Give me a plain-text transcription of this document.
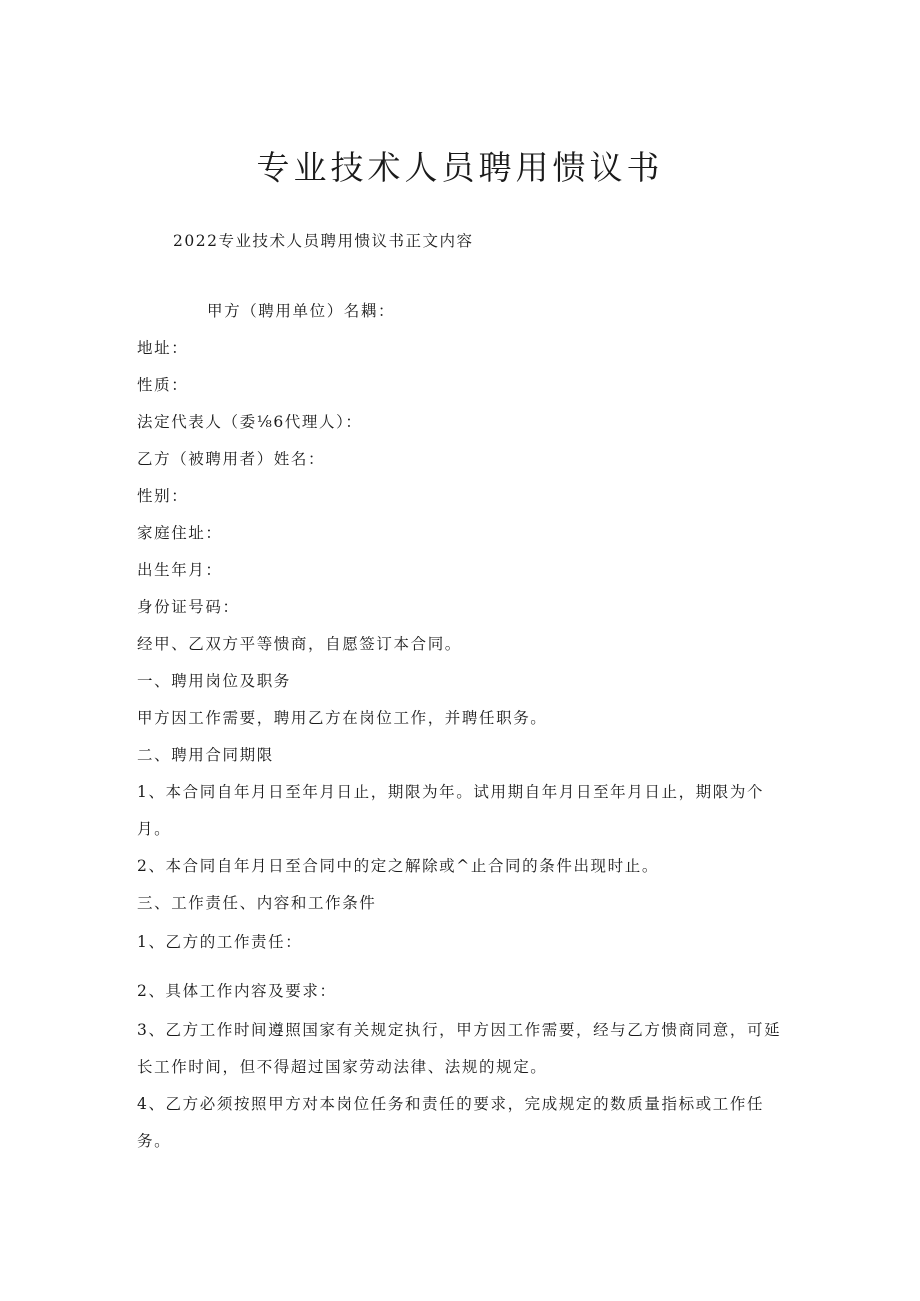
专业技术人员聘用愦议书
2022专业技术人员聘用愦议书正文内容
甲方（聘用单位）名耦：
地址：
性质：
法定代表人（委⅛6代理人）：
乙方（被聘用者）姓名：
性别：
家庭住址：
出生年月：
身份证号码：
经甲、乙双方平等愦商，自愿签订本合同。
一、聘用岗位及职务
甲方因工作需要，聘用乙方在岗位工作，并聘任职务。
二、聘用合同期限
1、本合同自年月日至年月日止，期限为年。试用期自年月日至年月日止，期限为个
月。
2、本合同自年月日至合同中的定之解除或^止合同的条件出现时止。
三、工作责任、内容和工作条件
1、乙方的工作责任：
2、具体工作内容及要求：
3、乙方工作时间遵照国家有关规定执行，甲方因工作需要，经与乙方愦商同意，可延
长工作时间，但不得超过国家劳动法律、法规的规定。
4、乙方必须按照甲方对本岗位任务和责任的要求，完成规定的数质量指标或工作任
务。
